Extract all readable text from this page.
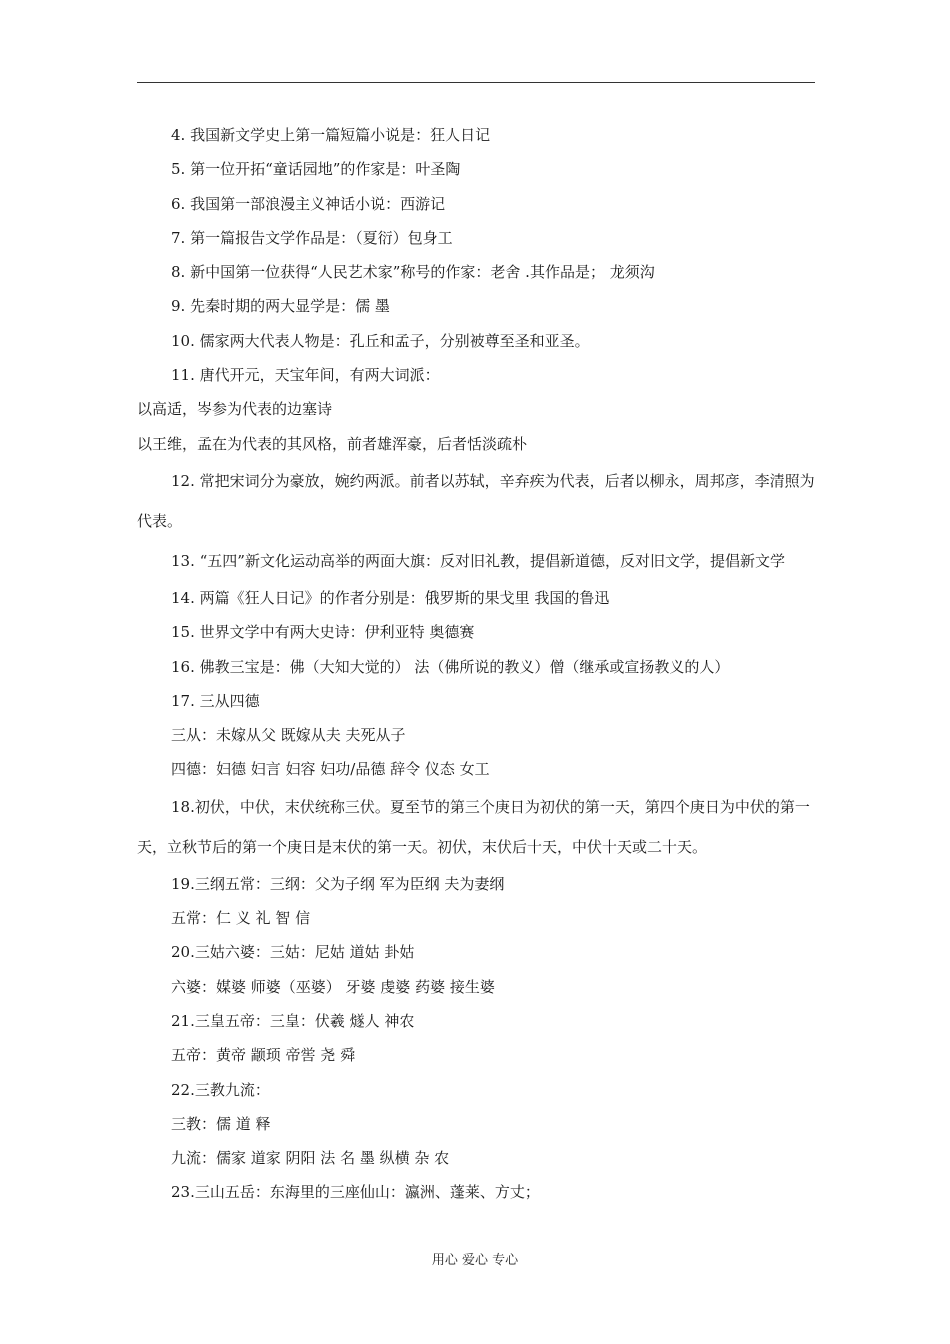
4. 我国新文学史上第一篇短篇小说是：狂人日记
5. 第一位开拓“童话园地”的作家是：叶圣陶
6. 我国第一部浪漫主义神话小说：西游记
7. 第一篇报告文学作品是：（夏衍）包身工
8. 新中国第一位获得“人民艺术家”称号的作家：老舍 .其作品是； 龙须沟
9. 先秦时期的两大显学是：儒 墨
10. 儒家两大代表人物是：孔丘和孟子，分别被尊至圣和亚圣。
11. 唐代开元，天宝年间，有两大词派：
以高适，岑参为代表的边塞诗
以王维，孟在为代表的其风格，前者雄浑豪，后者恬淡疏朴
12. 常把宋词分为豪放，婉约两派。前者以苏轼，辛弃疾为代表，后者以柳永，周邦彦，李清照为代表。
13. “五四”新文化运动高举的两面大旗：反对旧礼教，提倡新道德，反对旧文学，提倡新文学
14. 两篇《狂人日记》的作者分别是：俄罗斯的果戈里 我国的鲁迅
15. 世界文学中有两大史诗：伊利亚特 奥德赛
16. 佛教三宝是：佛（大知大觉的） 法（佛所说的教义）僧（继承或宣扬教义的人）
17. 三从四德
三从：未嫁从父 既嫁从夫 夫死从子
四德：妇德 妇言 妇容 妇功/品德 辞令 仪态 女工
18.初伏，中伏，末伏统称三伏。夏至节的第三个庚日为初伏的第一天，第四个庚日为中伏的第一天，立秋节后的第一个庚日是末伏的第一天。初伏，末伏后十天，中伏十天或二十天。
19.三纲五常：三纲：父为子纲 军为臣纲 夫为妻纲
五常：仁 义 礼 智 信
20.三姑六婆：三姑：尼姑 道姑 卦姑
六婆：媒婆 师婆（巫婆） 牙婆 虔婆 药婆 接生婆
21.三皇五帝：三皇：伏羲 燧人 神农
五帝：黄帝 颛顼 帝喾 尧 舜
22.三教九流：
三教：儒 道 释
九流：儒家 道家 阴阳 法 名 墨 纵横 杂 农
23.三山五岳：东海里的三座仙山：瀛洲、蓬莱、方丈；
用心 爱心 专心
